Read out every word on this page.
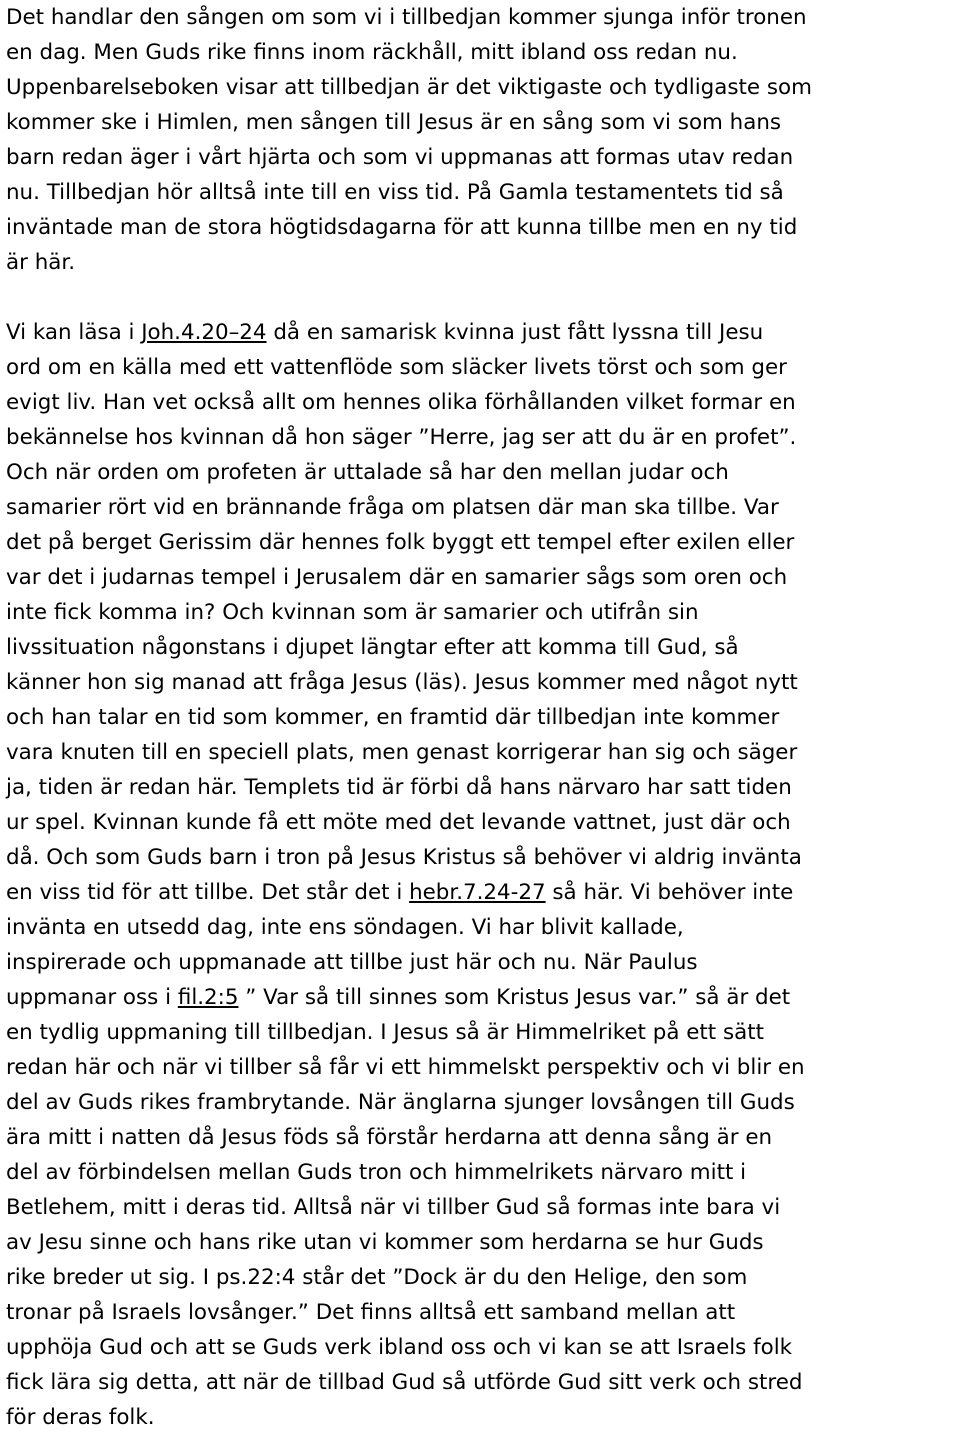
Det handlar den sången om som vi i tillbedjan kommer sjunga inför tronen
en dag. Men Guds rike finns inom räckhåll, mitt ibland oss redan nu.
Uppenbarelseboken visar att tillbedjan är det viktigaste och tydligaste som
kommer ske i Himlen, men sången till Jesus är en sång som vi som hans
barn redan äger i vårt hjärta och som vi uppmanas att formas utav redan
nu. Tillbedjan hör alltså inte till en viss tid. På Gamla testamentets tid så
inväntade man de stora högtidsdagarna för att kunna tillbe men en ny tid
är här.

Vi kan läsa i Joh.4.20–24 då en samarisk kvinna just fått lyssna till Jesu
ord om en källa med ett vattenflöde som släcker livets törst och som ger
evigt liv. Han vet också allt om hennes olika förhållanden vilket formar en
bekännelse hos kvinnan då hon säger ”Herre, jag ser att du är en profet”.
Och när orden om profeten är uttalade så har den mellan judar och
samarier rört vid en brännande fråga om platsen där man ska tillbe. Var
det på berget Gerissim där hennes folk byggt ett tempel efter exilen eller
var det i judarnas tempel i Jerusalem där en samarier sågs som oren och
inte fick komma in? Och kvinnan som är samarier och utifrån sin
livssituation någonstans i djupet längtar efter att komma till Gud, så
känner hon sig manad att fråga Jesus (läs). Jesus kommer med något nytt
och han talar en tid som kommer, en framtid där tillbedjan inte kommer
vara knuten till en speciell plats, men genast korrigerar han sig och säger
ja, tiden är redan här. Templets tid är förbi då hans närvaro har satt tiden
ur spel. Kvinnan kunde få ett möte med det levande vattnet, just där och
då. Och som Guds barn i tron på Jesus Kristus så behöver vi aldrig inväntа
en viss tid för att tillbe. Det står det i hebr.7.24-27 så här. Vi behöver inte
invänta en utsedd dag, inte ens söndagen. Vi har blivit kallade,
inspirerade och uppmanade att tillbe just här och nu. När Paulus
uppmanar oss i fil.2:5 ” Var så till sinnes som Kristus Jesus var.” så är det
en tydlig uppmaning till tillbedjan. I Jesus så är Himmelriket på ett sätt
redan här och när vi tillber så får vi ett himmelskt perspektiv och vi blir en
del av Guds rikes frambrytande. När änglarna sjunger lovsången till Guds
ära mitt i natten då Jesus föds så förstår herdarna att denna sång är en
del av förbindelsen mellan Guds tron och himmelrikets närvaro mitt i
Betlehem, mitt i deras tid. Alltså när vi tillber Gud så formas inte bara vi
av Jesu sinne och hans rike utan vi kommer som herdarna se hur Guds
rike breder ut sig. I ps.22:4 står det ”Dock är du den Helige, den som
tronar på Israels lovsånger.” Det finns alltså ett samband mellan att
upphöja Gud och att se Guds verk ibland oss och vi kan se att Israels folk
fick lära sig detta, att när de tillbad Gud så utförde Gud sitt verk och stred
för deras folk.
